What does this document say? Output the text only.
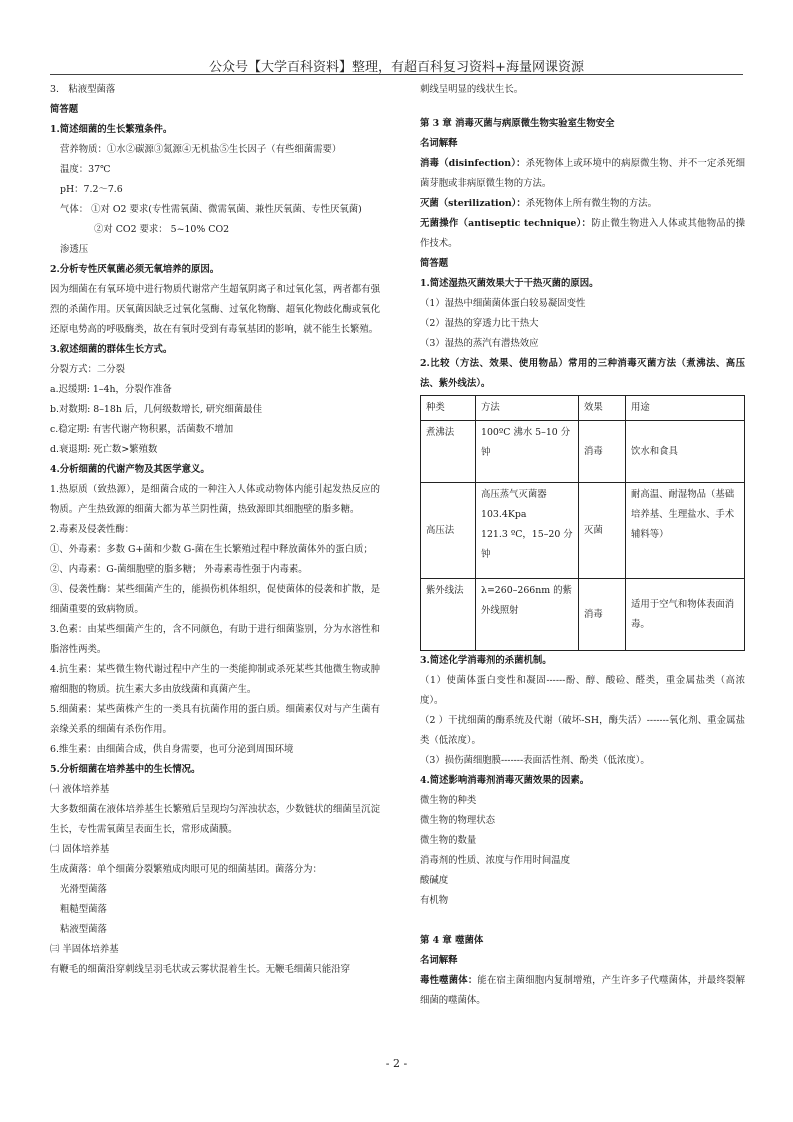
公众号【大学百科资料】整理，有超百科复习资料+海量网课资源
3.　粘液型菌落
简答题
1.简述细菌的生长繁殖条件。
营养物质：①水②碳源③氮源④无机盐⑤生长因子（有些细菌需要）
温度：37℃
pH：7.2～7.6
气体： ①对 O2 要求(专性需氧菌、微需氧菌、兼性厌氧菌、专性厌氧菌)
②对 CO2 要求： 5~10% CO2
渗透压
2.分析专性厌氧菌必须无氧培养的原因。
因为细菌在有氧环境中进行物质代谢常产生超氧阴离子和过氧化氢，两者都有强烈的杀菌作用。厌氧菌因缺乏过氧化氢酶、过氧化物酶、超氧化物歧化酶或氧化还原电势高的呼吸酶类，故在有氧时受到有毒氧基团的影响，就不能生长繁殖。
3.叙述细菌的群体生长方式。
分裂方式：二分裂
a.迟缓期: 1–4h，分裂作准备
b.对数期: 8–18h 后，几何级数增长, 研究细菌最佳
c.稳定期: 有害代谢产物积累，活菌数不增加
d.衰退期: 死亡数>繁殖数
4.分析细菌的代谢产物及其医学意义。
1.热原质（致热源），是细菌合成的一种注入人体或动物体内能引起发热反应的物质。产生热致源的细菌大都为革兰阴性菌，热致源即其细胞壁的脂多糖。
2.毒素及侵袭性酶：
①、外毒素：多数 G+菌和少数 G-菌在生长繁殖过程中释放菌体外的蛋白质；
②、内毒素：G-菌细胞壁的脂多糖； 外毒素毒性强于内毒素。
③、侵袭性酶：某些细菌产生的，能损伤机体组织，促使菌体的侵袭和扩散，是细菌重要的致病物质。
3.色素：由某些细菌产生的，含不同颜色，有助于进行细菌鉴别，分为水溶性和脂溶性两类。
4.抗生素：某些微生物代谢过程中产生的一类能抑制或杀死某些其他微生物或肿瘤细胞的物质。抗生素大多由放线菌和真菌产生。
5.细菌素：某些菌株产生的一类具有抗菌作用的蛋白质。细菌素仅对与产生菌有亲缘关系的细菌有杀伤作用。
6.维生素：由细菌合成，供自身需要，也可分泌到周围环境
5.分析细菌在培养基中的生长情况。
㈠ 液体培养基
大多数细菌在液体培养基生长繁殖后呈现均匀浑浊状态，少数链状的细菌呈沉淀生长，专性需氧菌呈表面生长，常形成菌膜。
㈡ 固体培养基
生成菌落：单个细菌分裂繁殖成肉眼可见的细菌基团。菌落分为：
光滑型菌落
粗糙型菌落
粘液型菌落
㈢ 半固体培养基
有鞭毛的细菌沿穿刺线呈羽毛状或云雾状混着生长。无鞭毛细菌只能沿穿
刺线呈明显的线状生长。
第 3 章 消毒灭菌与病原微生物实验室生物安全
名词解释
消毒（disinfection）：杀死物体上或环境中的病原微生物、并不一定杀死细菌芽胞或非病原微生物的方法。
灭菌（sterilization）：杀死物体上所有微生物的方法。
无菌操作（antiseptic technique）：防止微生物进入人体或其他物品的操作技术。
简答题
1.简述湿热灭菌效果大于干热灭菌的原因。
（1）湿热中细菌菌体蛋白较易凝固变性
（2）湿热的穿透力比干热大
（3）湿热的蒸汽有潜热效应
2.比较（方法、效果、使用物品）常用的三种消毒灭菌方法（煮沸法、高压法、紫外线法）。
种类	方法	效果	用途
煮沸法	100ºC 沸水 5–10 分钟	消毒	饮水和食具
高压法	高压蒸气灭菌器
103.4Kpa
121.3 ºC，15–20 分钟	灭菌	耐高温、耐湿物品（基础培养基、生理盐水、手术辅料等）
紫外线法	λ=260–266nm 的紫外线照射	消毒	适用于空气和物体表面消毒。
3.简述化学消毒剂的杀菌机制。
（1）使菌体蛋白变性和凝固------酚、醇、酸硷、醛类，重金属盐类（高浓度）。
（2 ）干扰细菌的酶系统及代谢（破坏-SH，酶失活）-------氧化剂、重金属盐类（低浓度）。
（3）损伤菌细胞膜-------表面活性剂、酚类（低浓度）。
4.简述影响消毒剂消毒灭菌效果的因素。
微生物的种类
微生物的物理状态
微生物的数量
消毒剂的性质、浓度与作用时间温度
酸碱度
有机物
第 4 章 噬菌体
名词解释
毒性噬菌体：能在宿主菌细胞内复制增殖，产生许多子代噬菌体，并最终裂解细菌的噬菌体。
- 2 -
